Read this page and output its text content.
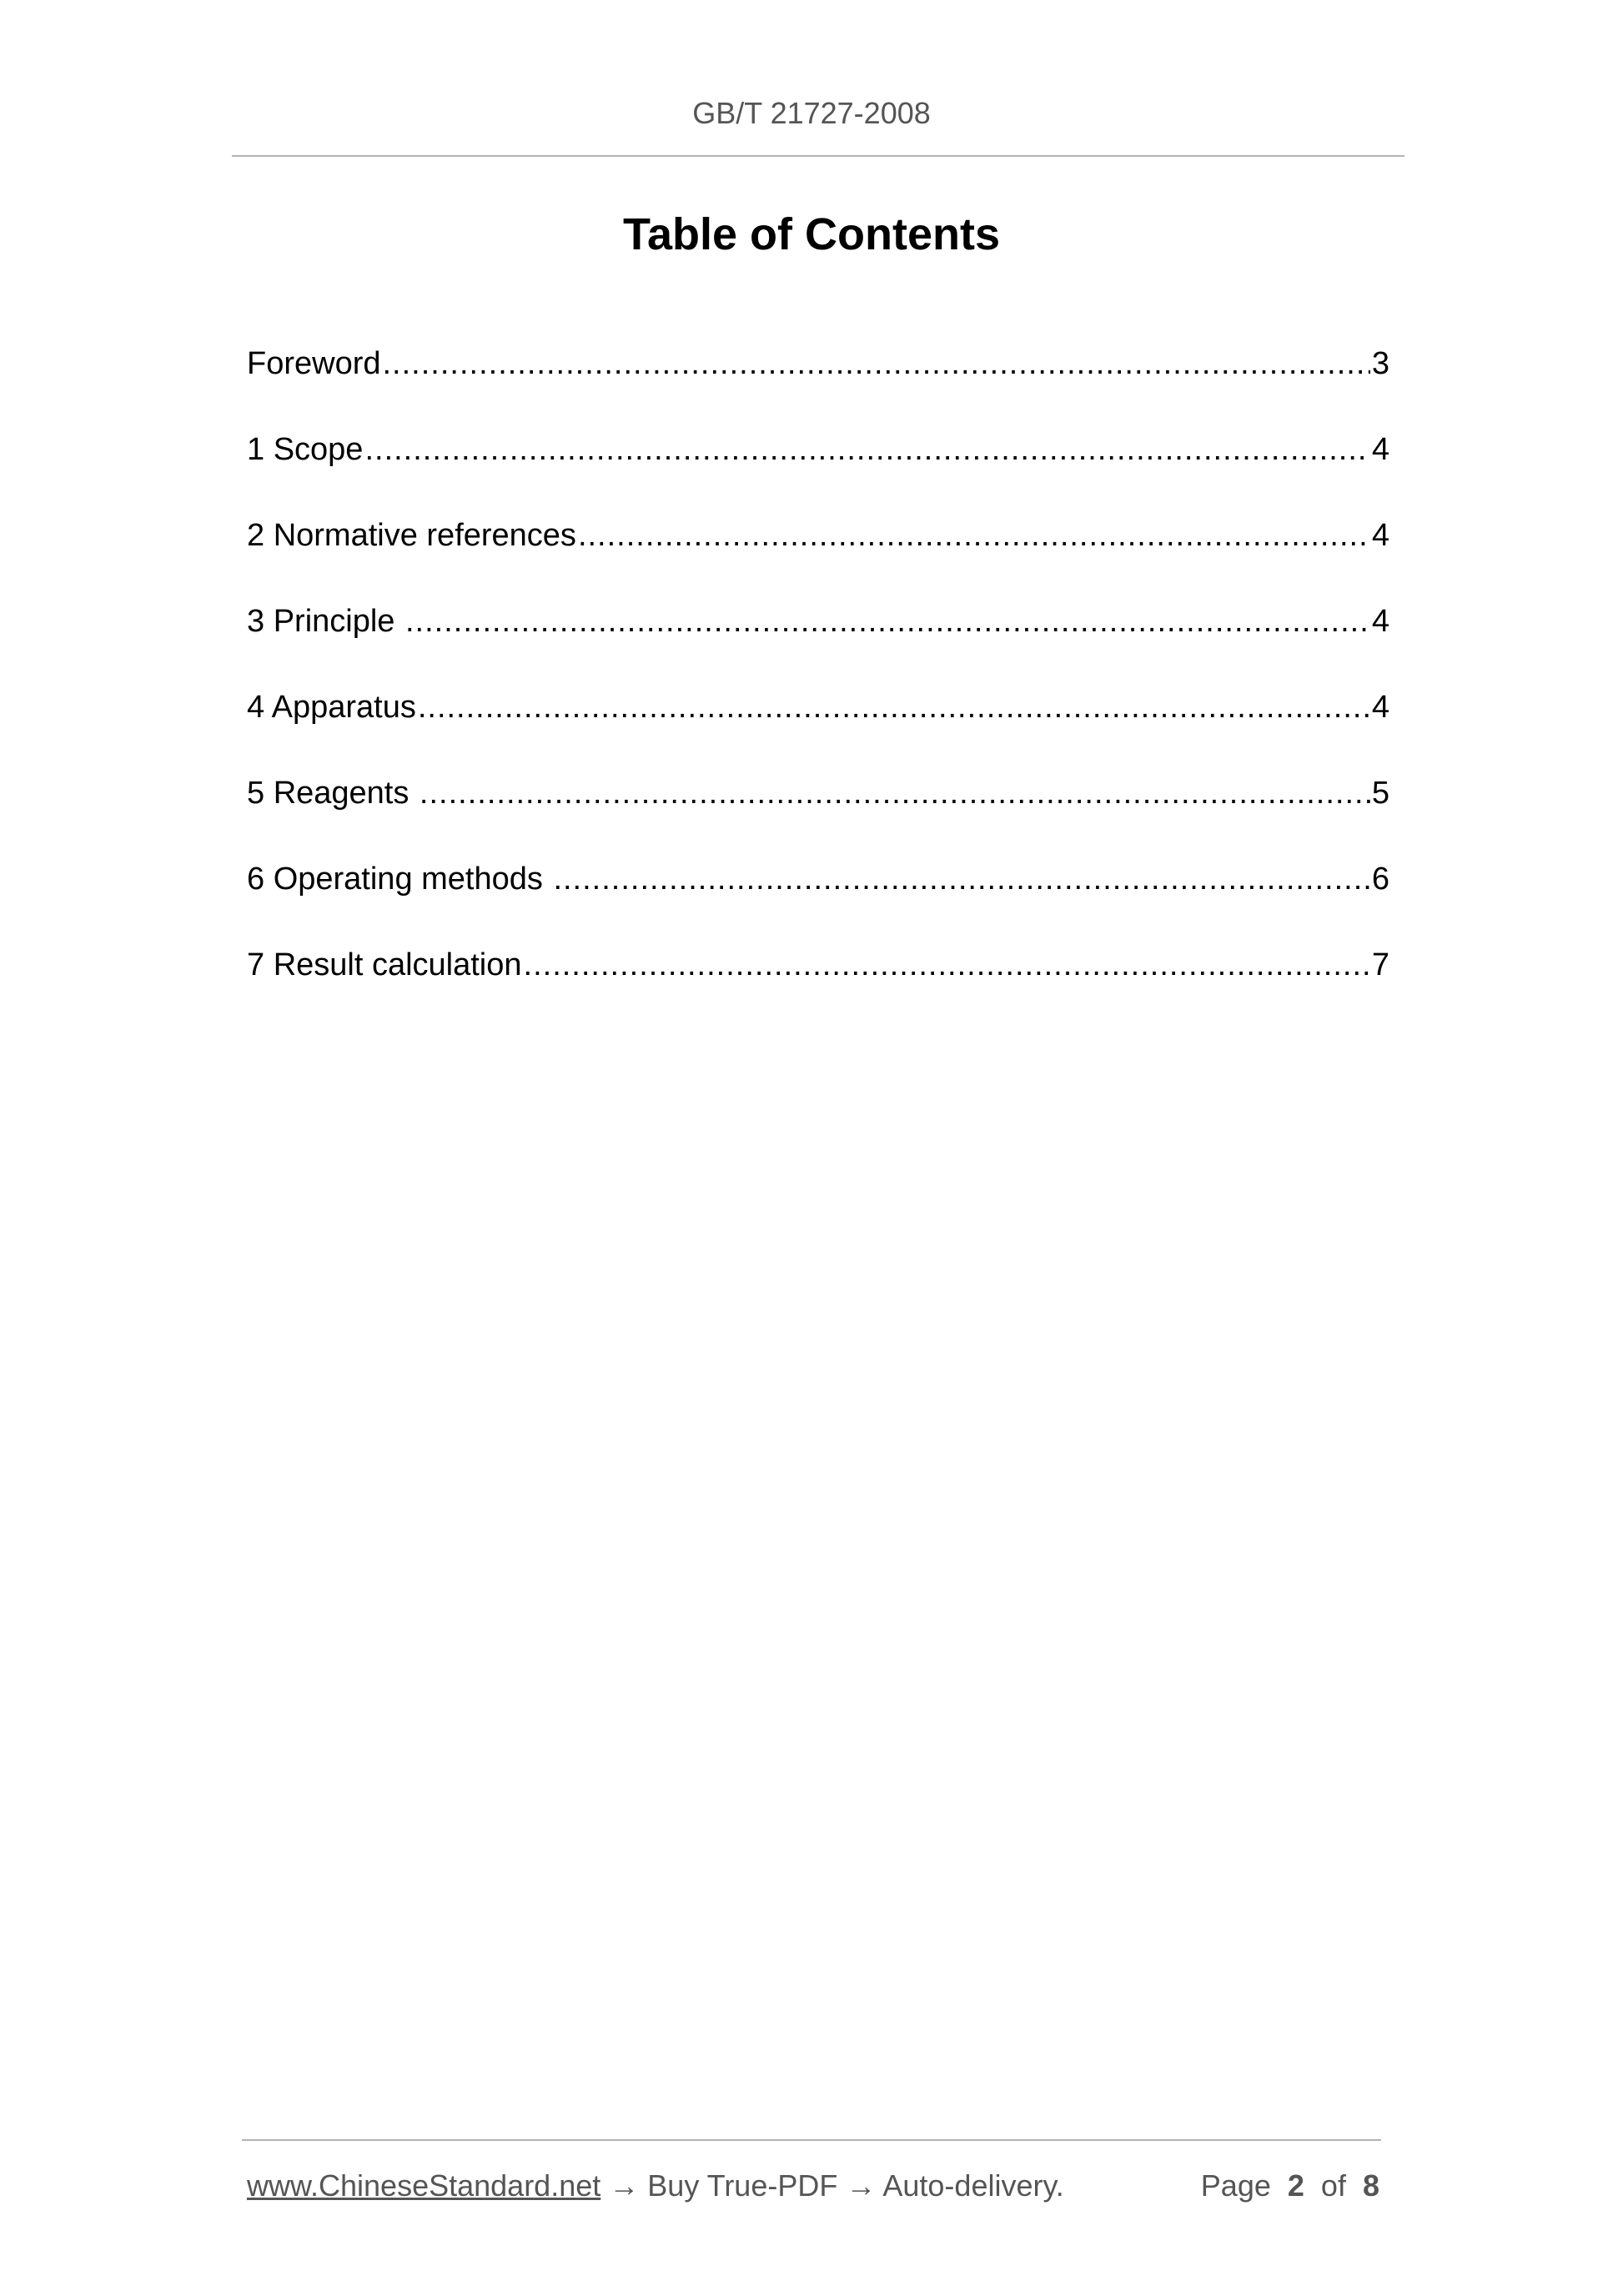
GB/T 21727-2008
Table of Contents
Foreword .....	3
1 Scope .....	4
2 Normative references .....	4
3 Principle .....	4
4 Apparatus .....	4
5 Reagents .....	5
6 Operating methods .....	6
7 Result calculation .....	7
www.ChineseStandard.net → Buy True-PDF → Auto-delivery.	Page 2 of 8
